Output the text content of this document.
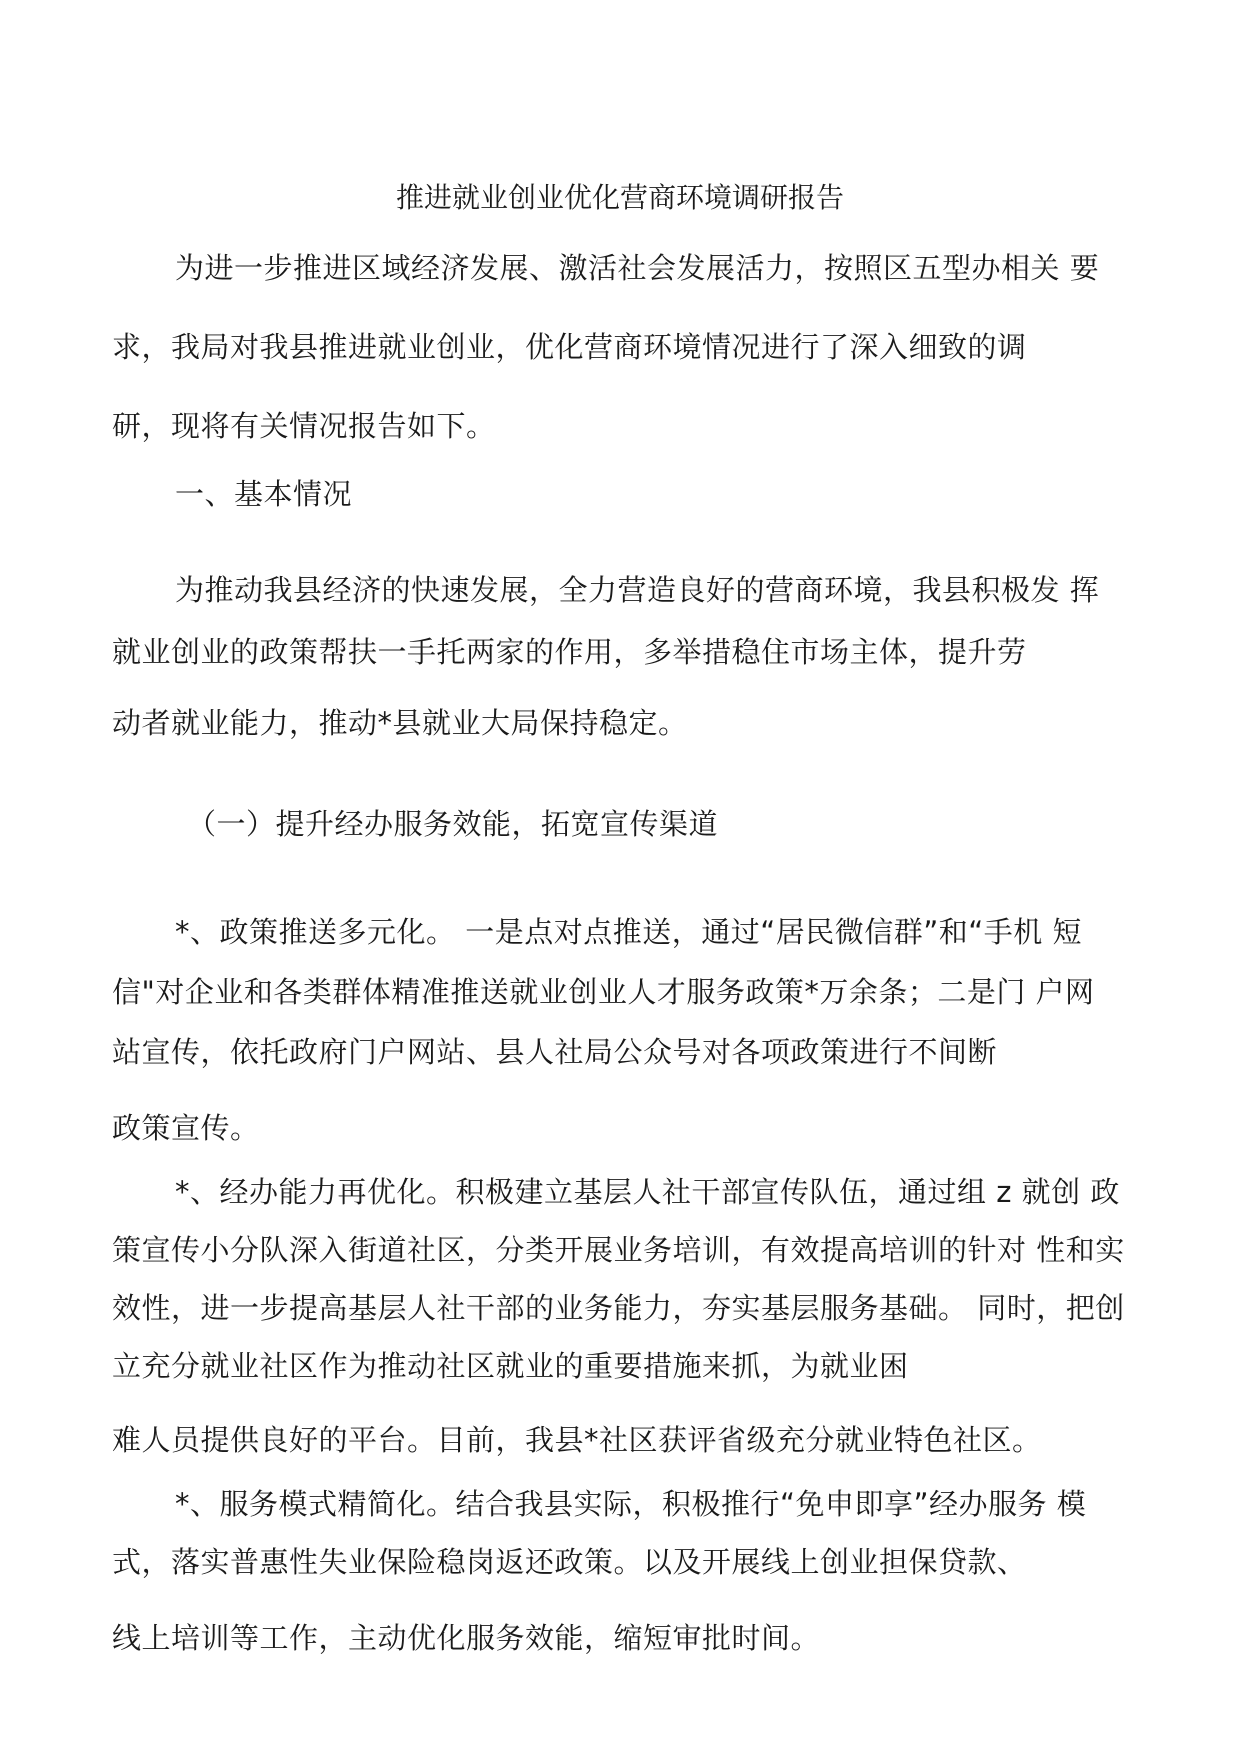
推进就业创业优化营商环境调研报告
为进一步推进区域经济发展、激活社会发展活力，按照区五型办相关 要
求，我局对我县推进就业创业，优化营商环境情况进行了深入细致的调
研，现将有关情况报告如下。
一、基本情况
为推动我县经济的快速发展，全力营造良好的营商环境，我县积极发 挥
就业创业的政策帮扶一手托两家的作用，多举措稳住市场主体，提升劳
动者就业能力，推动*县就业大局保持稳定。
（一）提升经办服务效能，拓宽宣传渠道
*、政策推送多元化。 一是点对点推送，通过“居民微信群”和“手机 短
信"对企业和各类群体精准推送就业创业人才服务政策*万余条；二是门 户网
站宣传，依托政府门户网站、县人社局公众号对各项政策进行不间断
政策宣传。
*、经办能力再优化。积极建立基层人社干部宣传队伍，通过组 z 就创 政
策宣传小分队深入街道社区，分类开展业务培训，有效提高培训的针对 性和实
效性，进一步提高基层人社干部的业务能力，夯实基层服务基础。 同时，把创
立充分就业社区作为推动社区就业的重要措施来抓，为就业困
难人员提供良好的平台。目前，我县*社区获评省级充分就业特色社区。
*、服务模式精简化。结合我县实际，积极推行“免申即享”经办服务 模
式，落实普惠性失业保险稳岗返还政策。以及开展线上创业担保贷款、
线上培训等工作，主动优化服务效能，缩短审批时间。
